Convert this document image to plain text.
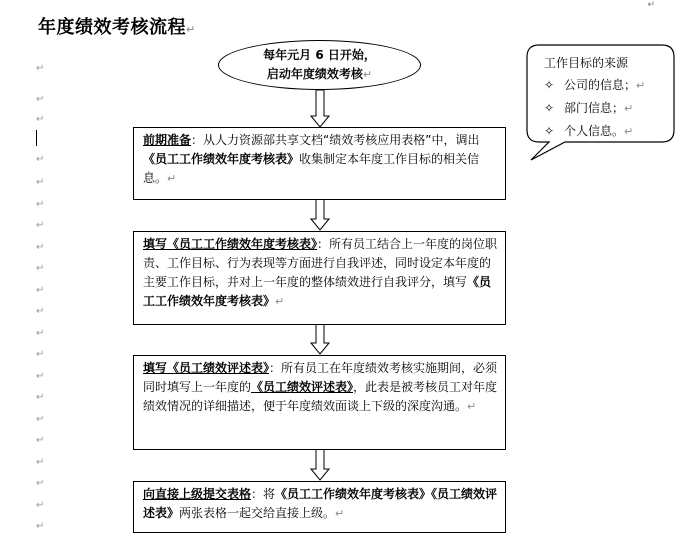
↵
年度绩效考核流程↵
↵
↵
↵
↵
↵
↵
↵
↵
↵
↵
↵
↵
↵
↵
↵
↵
↵
↵
↵
↵
↵
每年元月 6 日开始，
启动年度绩效考核↵
前期准备：从人力资源部共享文档“绩效考核应用表格”中，调出《员工工作绩效年度考核表》收集制定本年度工作目标的相关信息。↵
填写《员工工作绩效年度考核表》：所有员工结合上一年度的岗位职责、工作目标、行为表现等方面进行自我评述，同时设定本年度的主要工作目标，并对上一年度的整体绩效进行自我评分，填写《员工工作绩效年度考核表》↵
填写《员工绩效评述表》：所有员工在年度绩效考核实施期间，必须同时填写上一年度的《员工绩效评述表》，此表是被考核员工对年度绩效情况的详细描述，便于年度绩效面谈上下级的深度沟通。↵
向直接上级提交表格：将《员工工作绩效年度考核表》《员工绩效评述表》两张表格一起交给直接上级。↵
工作目标的来源
✧ 公司的信息；↵
✧ 部门信息；↵
✧ 个人信息。↵
